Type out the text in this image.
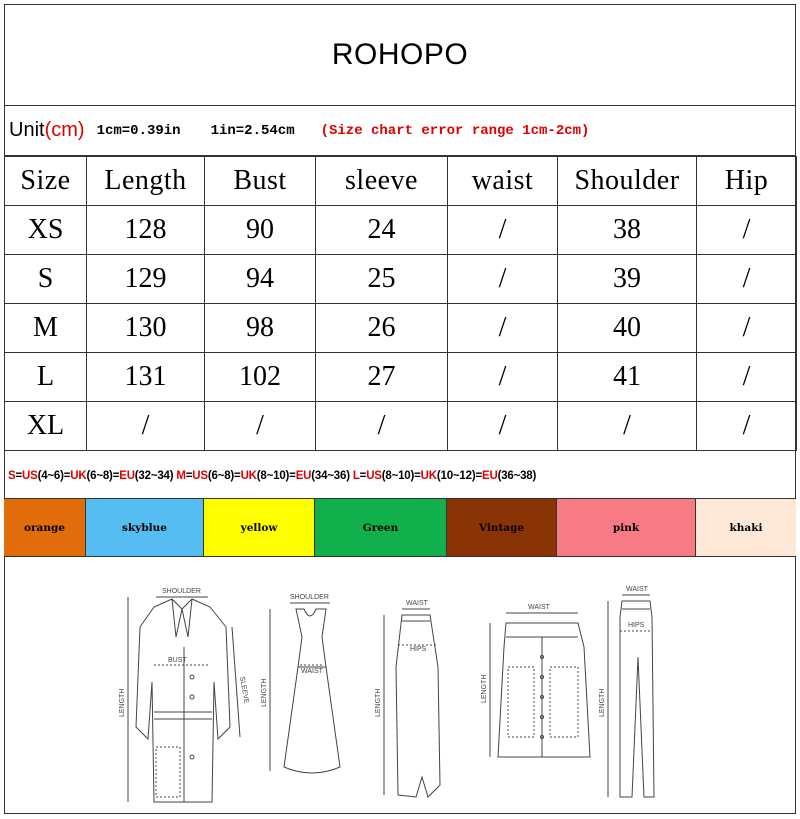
ROHOPO
Unit (cm) 1cm=0.39in 1in=2.54cm (Size chart error range 1cm-2cm)
Size	Length	Bust	sleeve	waist	Shoulder	Hip
XS	128	90	24	/	38	/
S	129	94	25	/	39	/
M	130	98	26	/	40	/
L	131	102	27	/	41	/
XL	/	/	/	/	/	/
S=US(4~6)=UK(6~8)=EU(32~34)
M=US(6~8)=UK(8~10)=EU(34~36)
L=US(8~10)=UK(10~12)=EU(36~38)
orange	skyblue	yellow	Green	Vintage	pink	khaki
SHOULDER
BUST
LENGTH	SLEEVE
SHOULDER
WAIST
LENGTH
WAIST
HIPS
LENGTH
WAIST
LENGTH
WAIST
HIPS
LENGTH
